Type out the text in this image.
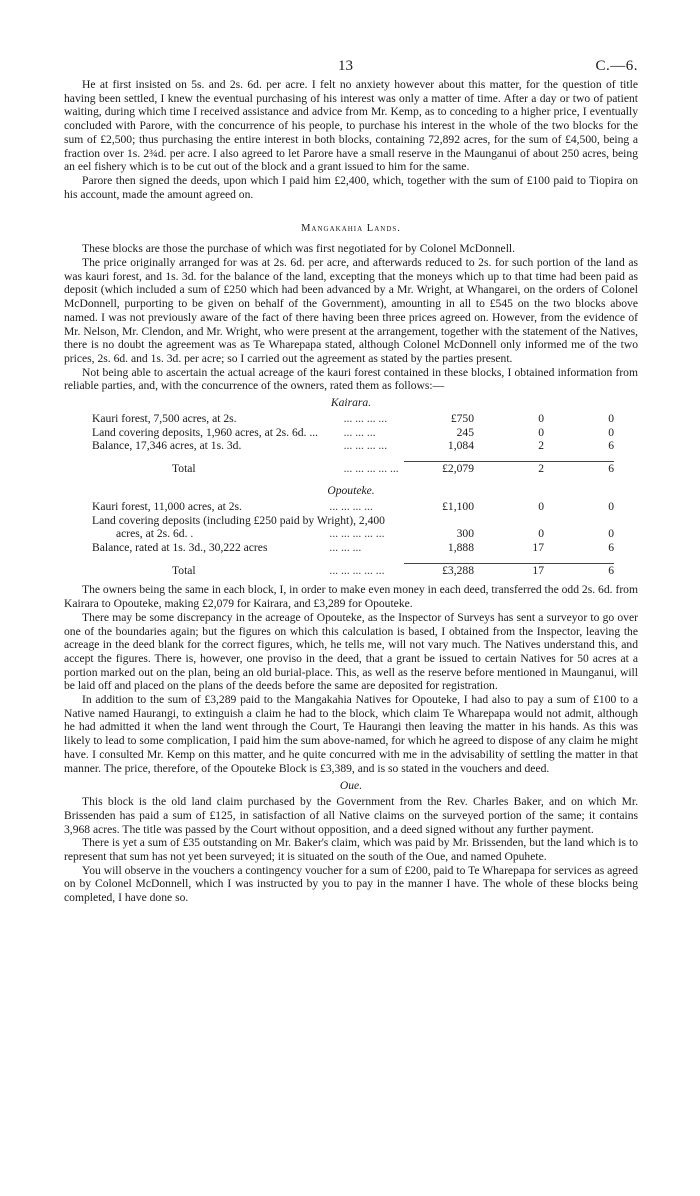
13	C.—6.

He at first insisted on 5s. and 2s. 6d. per acre. I felt no anxiety however about this matter, for the question of title having been settled, I knew the eventual purchasing of his interest was only a matter of time. After a day or two of patient waiting, during which time I received assistance and advice from Mr. Kemp, as to conceding to a higher price, I eventually concluded with Parore, with the concurrence of his people, to purchase his interest in the whole of the two blocks for the sum of £2,500; thus purchasing the entire interest in both blocks, containing 72,892 acres, for the sum of £4,500, being a fraction over 1s. 2¾d. per acre. I also agreed to let Parore have a small reserve in the Maunganui of about 250 acres, being an eel fishery which is to be cut out of the block and a grant issued to him for the same.

Parore then signed the deeds, upon which I paid him £2,400, which, together with the sum of £100 paid to Tiopira on his account, made the amount agreed on.

Mangakahia Lands.

These blocks are those the purchase of which was first negotiated for by Colonel McDonnell.

The price originally arranged for was at 2s. 6d. per acre, and afterwards reduced to 2s. for such portion of the land as was kauri forest, and 1s. 3d. for the balance of the land, excepting that the moneys which up to that time had been paid as deposit (which included a sum of £250 which had been advanced by a Mr. Wright, at Whangarei, on the orders of Colonel McDonnell, purporting to be given on behalf of the Government), amounting in all to £545 on the two blocks above named. I was not previously aware of the fact of there having been three prices agreed on. However, from the evidence of Mr. Nelson, Mr. Clendon, and Mr. Wright, who were present at the arrangement, together with the statement of the Natives, there is no doubt the agreement was as Te Wharepapa stated, although Colonel McDonnell only informed me of the two prices, 2s. 6d. and 1s. 3d. per acre; so I carried out the agreement as stated by the parties present.

Not being able to ascertain the actual acreage of the kauri forest contained in these blocks, I obtained information from reliable parties, and, with the concurrence of the owners, rated them as follows:—

Kairara.
Kauri forest, 7,500 acres, at 2s.	... ... ... ...	£750	0	0
Land covering deposits, 1,960 acres, at 2s. 6d. ...	... ... ...	245	0	0
Balance, 17,346 acres, at 1s. 3d.	... ... ... ...	1,084	2	6

Total	... ... ... ... ...	£2,079	2	6
Opouteke.
Kauri forest, 11,000 acres, at 2s.	... ... ... ...	£1,100	0	0
Land covering deposits (including £250 paid by Wright), 2,400				
acres, at 2s. 6d. .	... ... ... ... ...	300	0	0
Balance, rated at 1s. 3d., 30,222 acres	... ... ...	1,888	17	6

Total	... ... ... ... ...	£3,288	17	6

The owners being the same in each block, I, in order to make even money in each deed, transferred the odd 2s. 6d. from Kairara to Opouteke, making £2,079 for Kairara, and £3,289 for Opouteke.

There may be some discrepancy in the acreage of Opouteke, as the Inspector of Surveys has sent a surveyor to go over one of the boundaries again; but the figures on which this calculation is based, I obtained from the Inspector, leaving the acreage in the deed blank for the correct figures, which, he tells me, will not vary much. The Natives understand this, and accept the figures. There is, however, one proviso in the deed, that a grant be issued to certain Natives for 50 acres at a portion marked out on the plan, being an old burial-place. This, as well as the reserve before mentioned in Maunganui, will be laid off and placed on the plans of the deeds before the same are deposited for registration.

In addition to the sum of £3,289 paid to the Mangakahia Natives for Opouteke, I had also to pay a sum of £100 to a Native named Haurangi, to extinguish a claim he had to the block, which claim Te Wharepapa would not admit, although he had admitted it when the land went through the Court, Te Haurangi then leaving the matter in his hands. As this was likely to lead to some complication, I paid him the sum above-named, for which he agreed to dispose of any claim he might have. I consulted Mr. Kemp on this matter, and he quite concurred with me in the advisability of settling the matter in that manner. The price, therefore, of the Opouteke Block is £3,389, and is so stated in the vouchers and deed.

Oue.

This block is the old land claim purchased by the Government from the Rev. Charles Baker, and on which Mr. Brissenden has paid a sum of £125, in satisfaction of all Native claims on the surveyed portion of the same; it contains 3,968 acres. The title was passed by the Court without opposition, and a deed signed without any further payment.

There is yet a sum of £35 outstanding on Mr. Baker's claim, which was paid by Mr. Brissenden, but the land which is to represent that sum has not yet been surveyed; it is situated on the south of the Oue, and named Opuhete.

You will observe in the vouchers a contingency voucher for a sum of £200, paid to Te Wharepapa for services as agreed on by Colonel McDonnell, which I was instructed by you to pay in the manner I have. The whole of these blocks being completed, I have done so.
